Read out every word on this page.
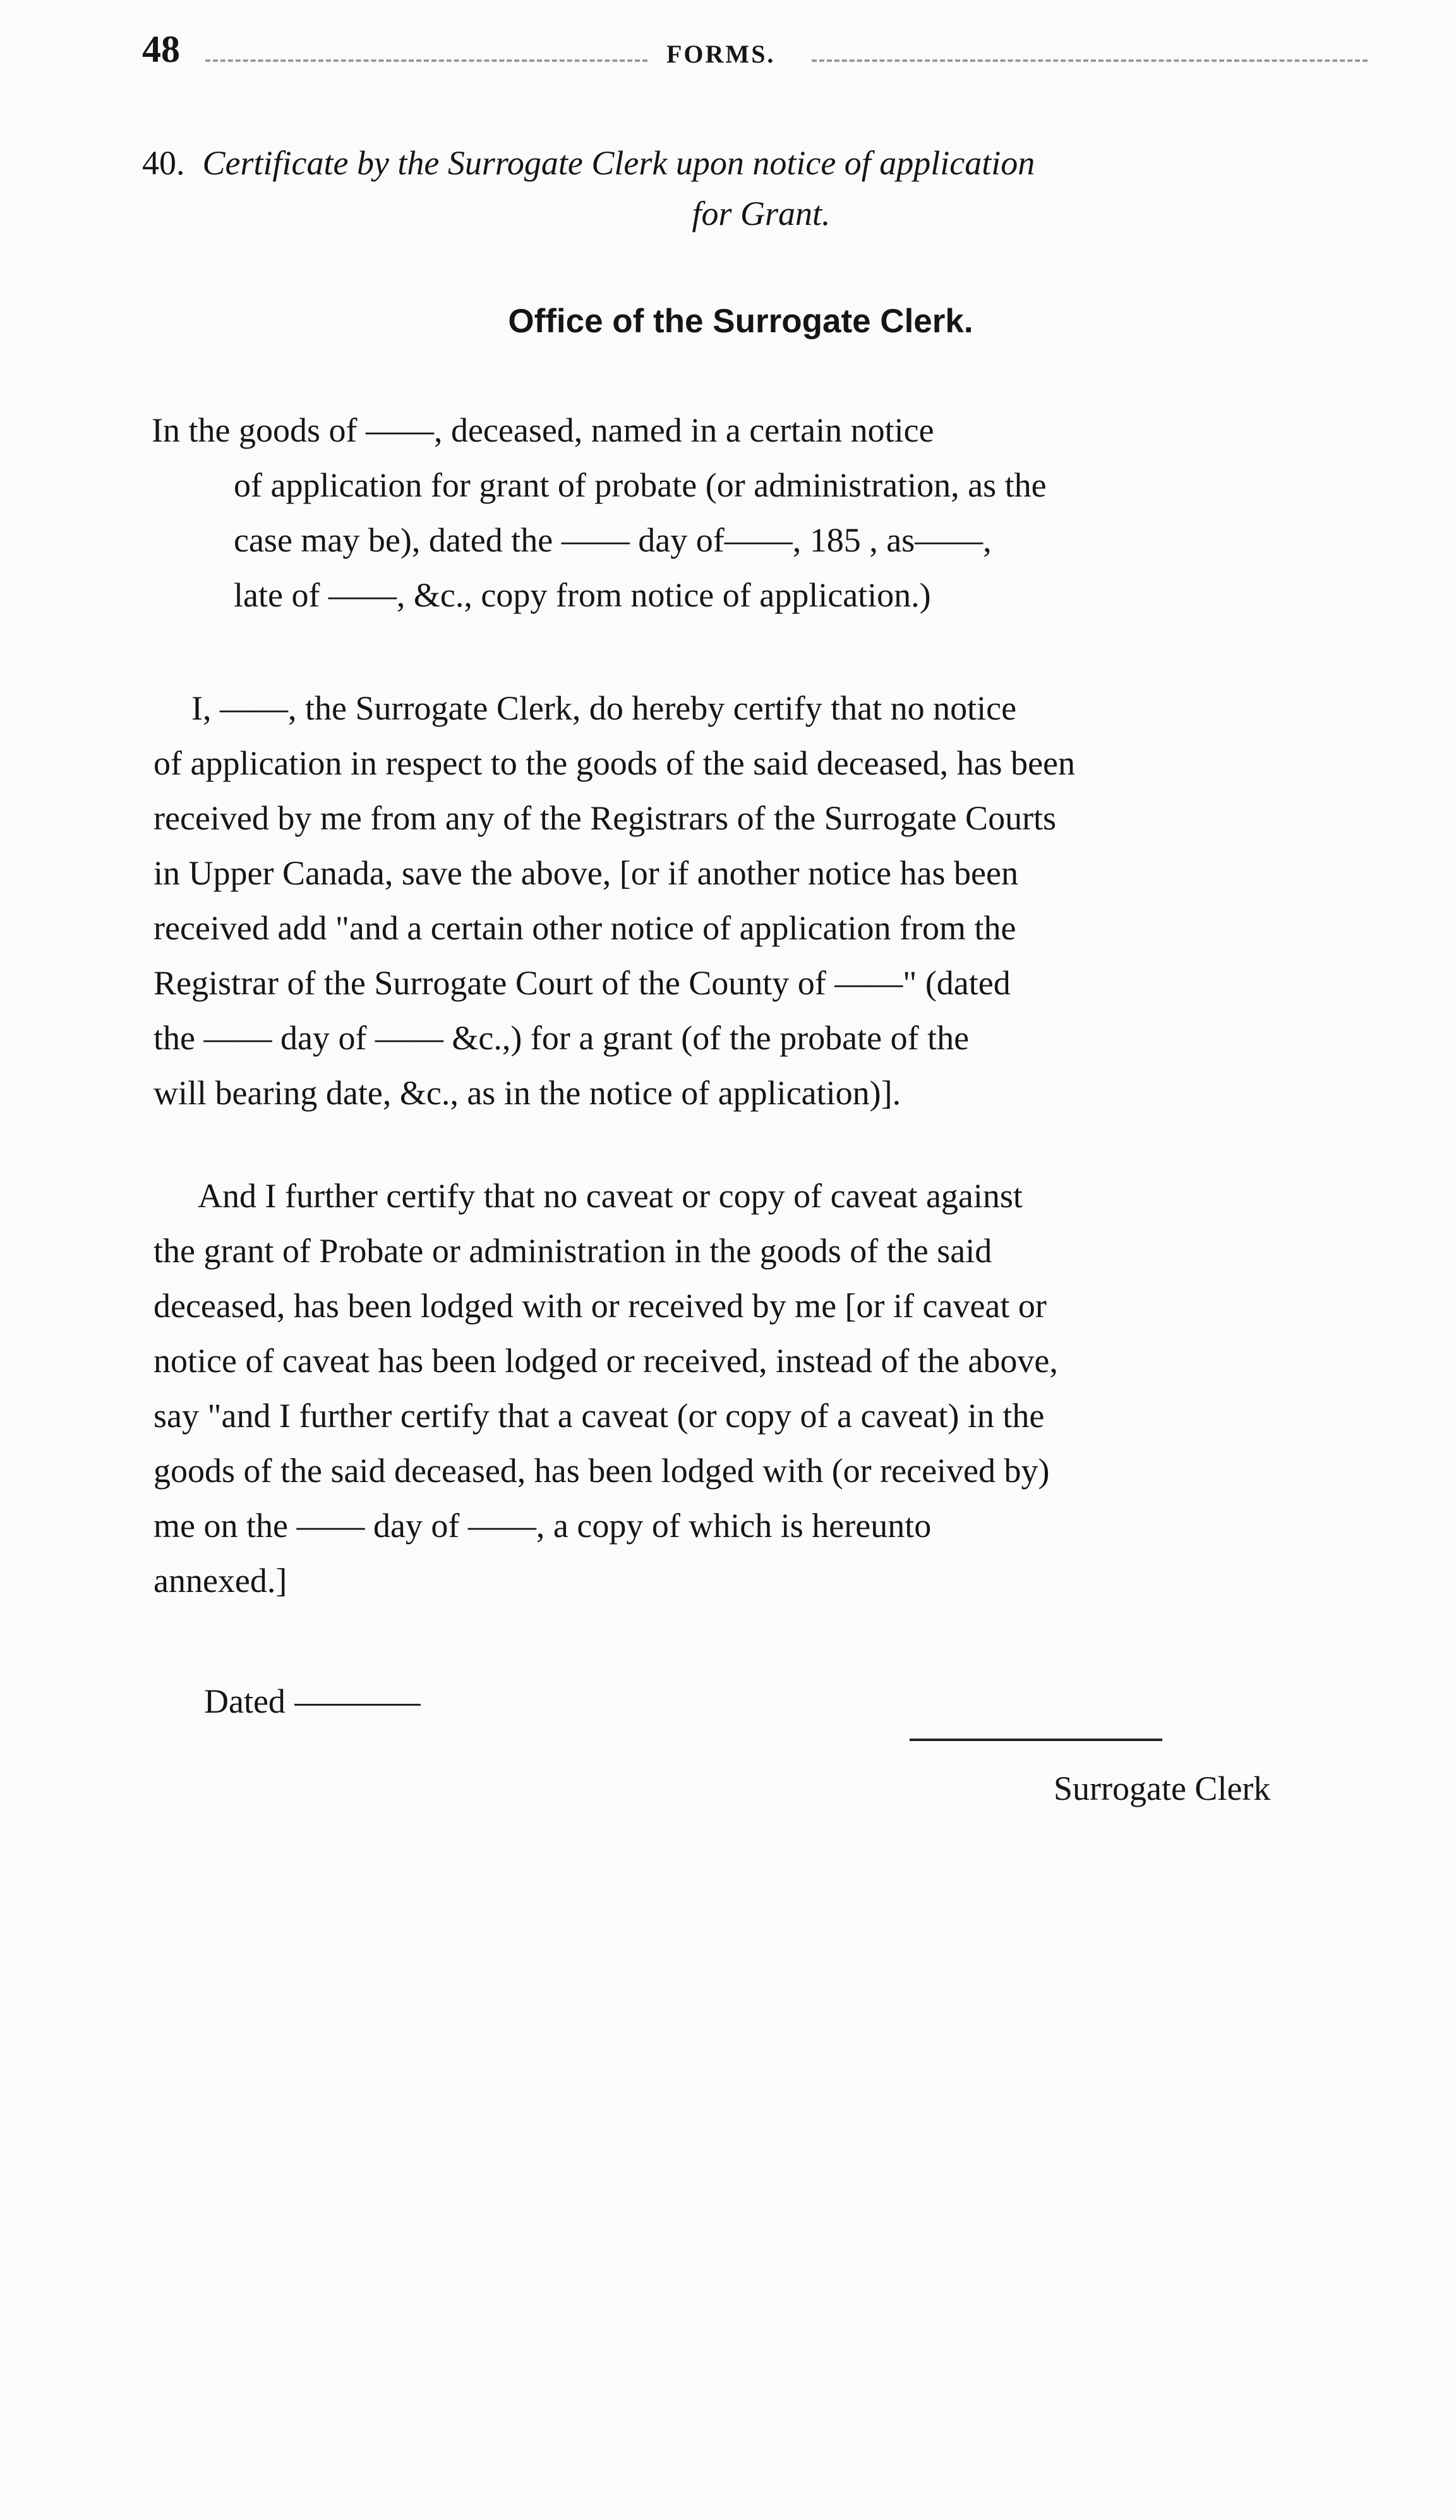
48	FORMS.
40. Certificate by the Surrogate Clerk upon notice of application
for Grant.
Office of the Surrogate Clerk.
In the goods of ——, deceased, named in a certain notice
of application for grant of probate (or administration, as the
case may be), dated the —— day of——, 185 , as——,
late of ——, &c., copy from notice of application.)
I, ——, the Surrogate Clerk, do hereby certify that no notice
of application in respect to the goods of the said deceased, has been
received by me from any of the Registrars of the Surrogate Courts
in Upper Canada, save the above, [or if another notice has been
received add "and a certain other notice of application from the
Registrar of the Surrogate Court of the County of ——" (dated
the —— day of —— &c.,) for a grant (of the probate of the
will bearing date, &c., as in the notice of application)].
And I further certify that no caveat or copy of caveat against
the grant of Probate or administration in the goods of the said
deceased, has been lodged with or received by me [or if caveat or
notice of caveat has been lodged or received, instead of the above,
say "and I further certify that a caveat (or copy of a caveat) in the
goods of the said deceased, has been lodged with (or received by)
me on the —— day of ——, a copy of which is hereunto
annexed.]
Dated
Surrogate Clerk
